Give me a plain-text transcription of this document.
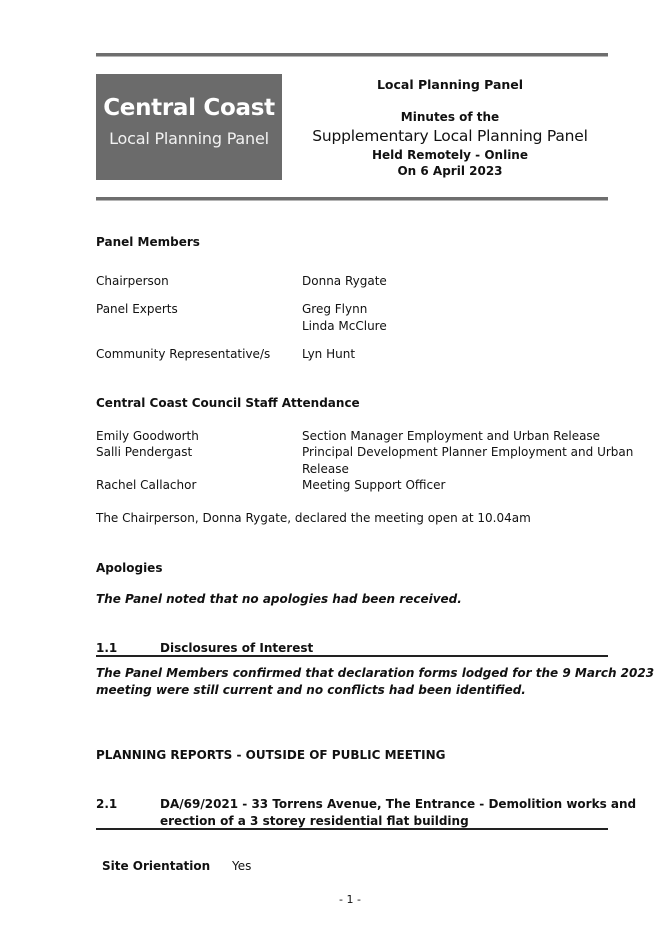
Central Coast
Local Planning Panel
Local Planning Panel
Minutes of the
Supplementary Local Planning Panel
Held Remotely - Online
On 6 April 2023
Panel Members
Chairperson	Donna Rygate
Panel Experts	Greg Flynn
Linda McClure
Community Representative/s	Lyn Hunt
Central Coast Council Staff Attendance
Emily Goodworth	Section Manager Employment and Urban Release
Salli Pendergast	Principal Development Planner Employment and Urban
Release
Rachel Callachor	Meeting Support Officer
The Chairperson, Donna Rygate, declared the meeting open at 10.04am
Apologies
The Panel noted that no apologies had been received.
1.1	Disclosures of Interest
The Panel Members confirmed that declaration forms lodged for the 9 March 2023
meeting were still current and no conflicts had been identified.
PLANNING REPORTS - OUTSIDE OF PUBLIC MEETING
2.1	DA/69/2021 - 33 Torrens Avenue, The Entrance - Demolition works and
erection of a 3 storey residential flat building
Site Orientation Yes
- 1 -
